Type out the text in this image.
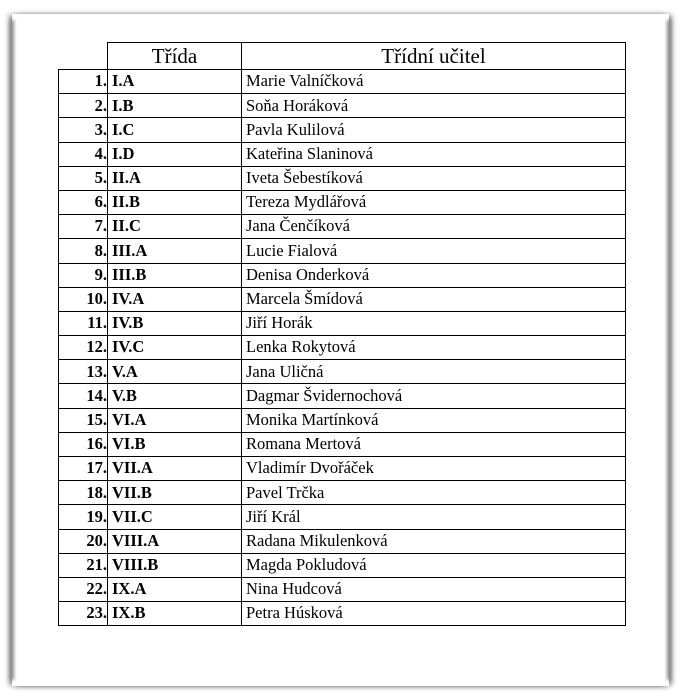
	Třída	Třídní učitel
1.	I.A	Marie Valníčková
2.	I.B	Soňa Horáková
3.	I.C	Pavla Kulilová
4.	I.D	Kateřina Slaninová
5.	II.A	Iveta Šebestíková
6.	II.B	Tereza Mydlářová
7.	II.C	Jana Čenčíková
8.	III.A	Lucie Fialová
9.	III.B	Denisa Onderková
10.	IV.A	Marcela Šmídová
11.	IV.B	Jiří Horák
12.	IV.C	Lenka Rokytová
13.	V.A	Jana Uličná
14.	V.B	Dagmar Švidernochová
15.	VI.A	Monika Martínková
16.	VI.B	Romana Mertová
17.	VII.A	Vladimír Dvořáček
18.	VII.B	Pavel Trčka
19.	VII.C	Jiří Král
20.	VIII.A	Radana Mikulenková
21.	VIII.B	Magda Pokludová
22.	IX.A	Nina Hudcová
23.	IX.B	Petra Húsková
